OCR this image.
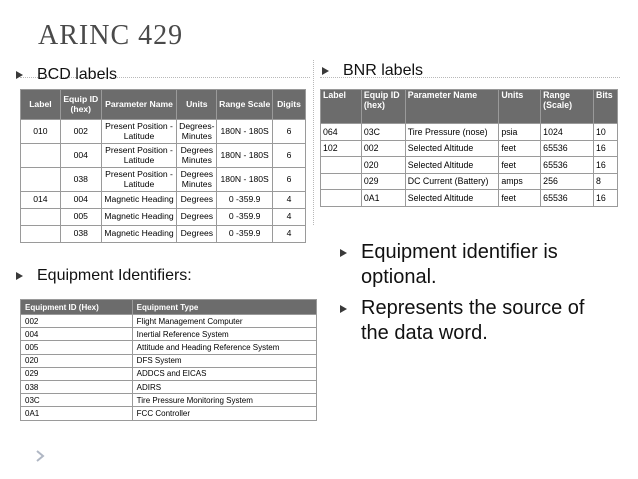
ARINC 429
BCD labels	BNR labels
Equipment Identifiers:
Label	Equip ID (hex)	Parameter Name	Units	Range Scale	Digits
010	002	Present Position - Latitude	Degrees-Minutes	180N - 180S	6
	004	Present Position - Latitude	Degrees Minutes	180N - 180S	6
	038	Present Position - Latitude	Degrees Minutes	180N - 180S	6
014	004	Magnetic Heading	Degrees	0 -359.9	4
	005	Magnetic Heading	Degrees	0 -359.9	4
	038	Magnetic Heading	Degrees	0 -359.9	4
Label	Equip ID (hex)	Parameter Name	Units	Range (Scale)	Bits
064	03C	Tire Pressure (nose)	psia	1024	10
102	002	Selected Altitude	feet	65536	16
	020	Selected Altitude	feet	65536	16
	029	DC Current (Battery)	amps	256	8
	0A1	Selected Altitude	feet	65536	16
Equipment ID (Hex)	Equipment Type
002	Flight Management Computer
004	Inertial Reference System
005	Attitude and Heading Reference System
020	DFS System
029	ADDCS and EICAS
038	ADIRS
03C	Tire Pressure Monitoring System
0A1	FCC Controller
Equipment identifier is optional.
Represents the source of the data word.
